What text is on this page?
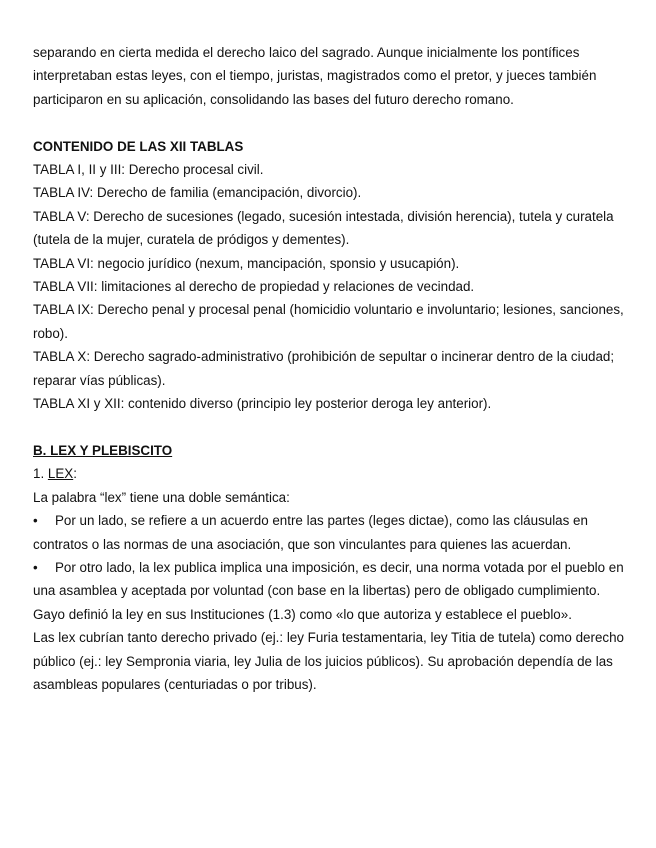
separando en cierta medida el derecho laico del sagrado. Aunque inicialmente los pontífices interpretaban estas leyes, con el tiempo, juristas, magistrados como el pretor, y jueces también participaron en su aplicación, consolidando las bases del futuro derecho romano.

CONTENIDO DE LAS XII TABLAS

TABLA I, II y III: Derecho procesal civil.

TABLA IV: Derecho de familia (emancipación, divorcio).

TABLA V: Derecho de sucesiones (legado, sucesión intestada, división herencia), tutela y curatela (tutela de la mujer, curatela de pródigos y dementes).

TABLA VI: negocio jurídico (nexum, mancipación, sponsio y usucapión).

TABLA VII: limitaciones al derecho de propiedad y relaciones de vecindad.

TABLA IX: Derecho penal y procesal penal (homicidio voluntario e involuntario; lesiones, sanciones, robo).

TABLA X: Derecho sagrado-administrativo (prohibición de sepultar o incinerar dentro de la ciudad; reparar vías públicas).

TABLA XI y XII: contenido diverso (principio ley posterior deroga ley anterior).

B. LEX Y PLEBISCITO

1. LEX:

La palabra “lex” tiene una doble semántica:

• Por un lado, se refiere a un acuerdo entre las partes (leges dictae), como las cláusulas en contratos o las normas de una asociación, que son vinculantes para quienes las acuerdan.

• Por otro lado, la lex publica implica una imposición, es decir, una norma votada por el pueblo en una asamblea y aceptada por voluntad (con base en la libertas) pero de obligado cumplimiento. Gayo definió la ley en sus Instituciones (1.3) como «lo que autoriza y establece el pueblo».

Las lex cubrían tanto derecho privado (ej.: ley Furia testamentaria, ley Titia de tutela) como derecho público (ej.: ley Sempronia viaria, ley Julia de los juicios públicos). Su aprobación dependía de las asambleas populares (centuriadas o por tribus).
